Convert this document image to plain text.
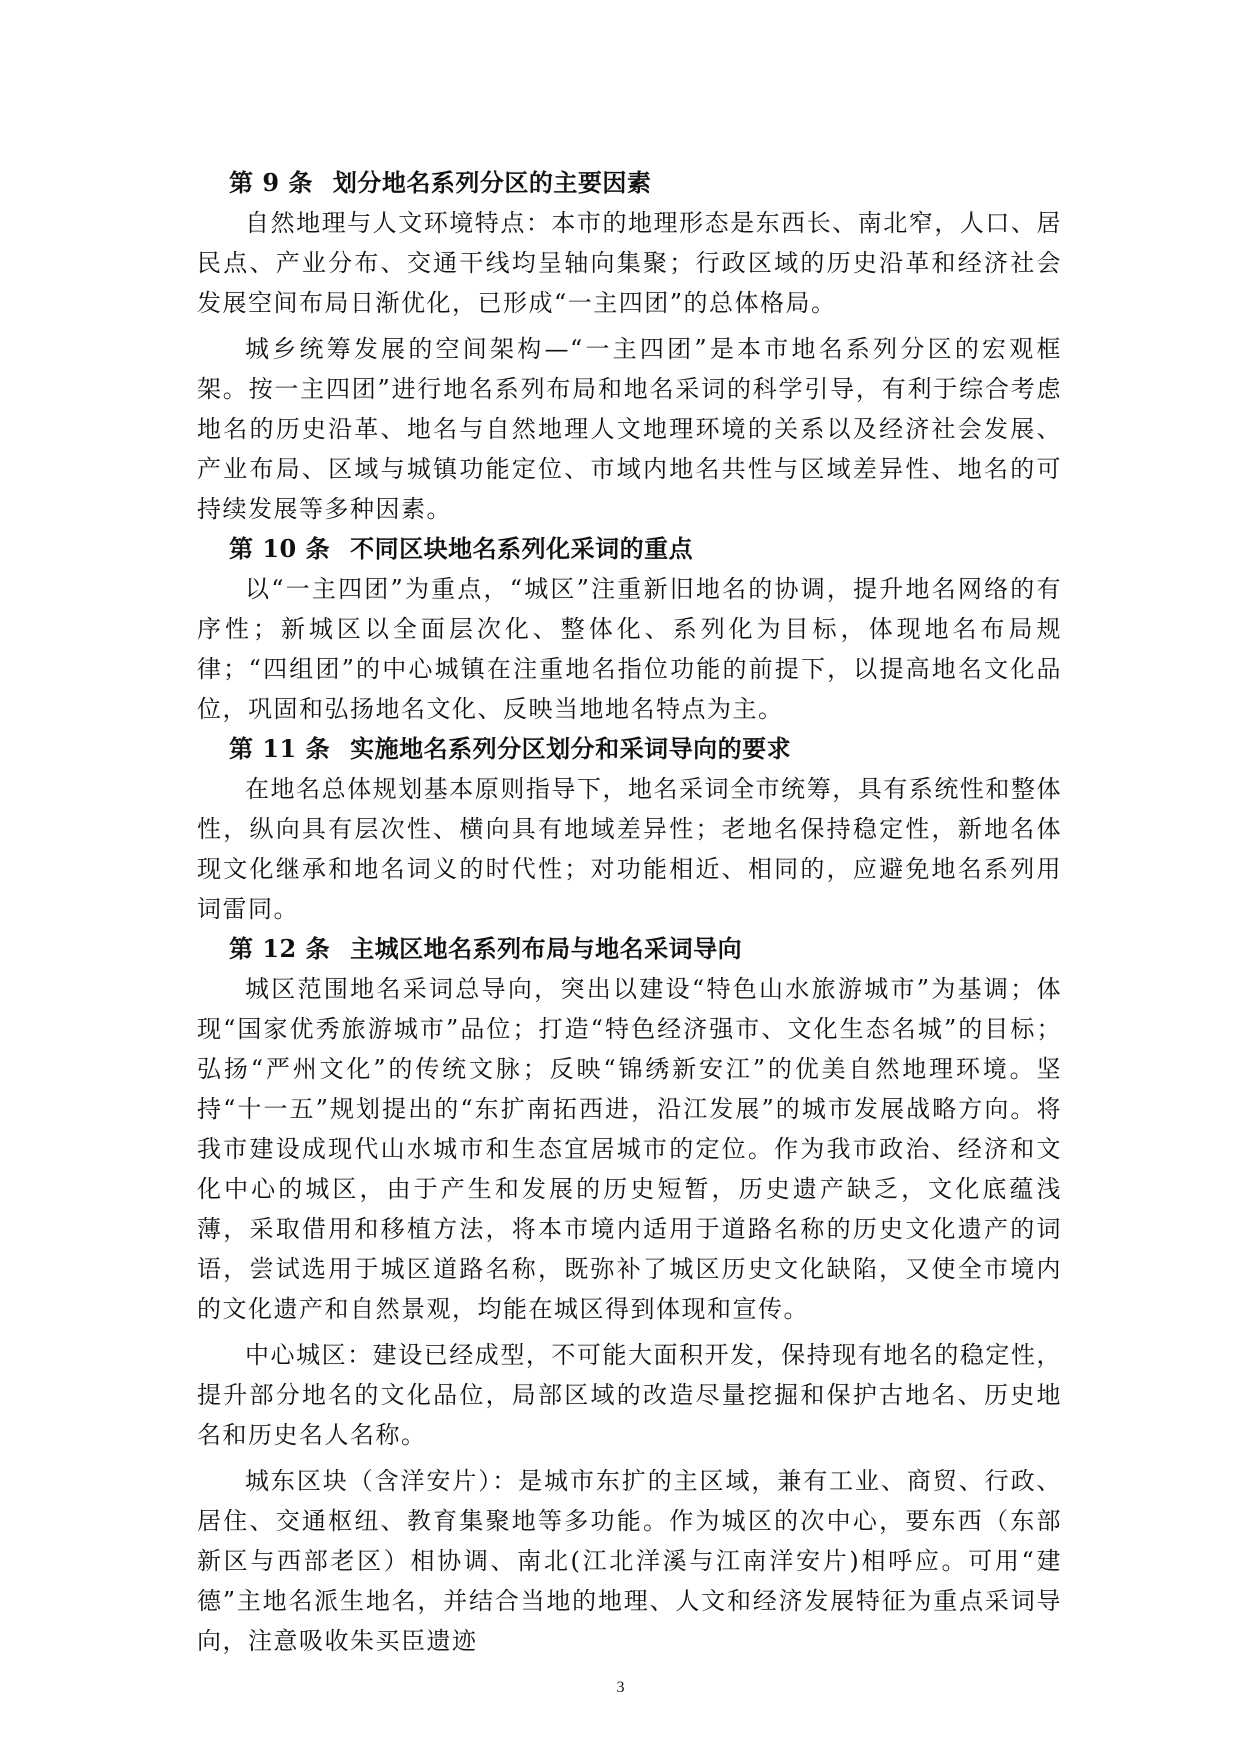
第 9 条 划分地名系列分区的主要因素

自然地理与人文环境特点：本市的地理形态是东西长、南北窄，人口、居民点、产业分布、交通干线均呈轴向集聚；行政区域的历史沿革和经济社会发展空间布局日渐优化，已形成“一主四团”的总体格局。

城乡统筹发展的空间架构—“一主四团”是本市地名系列分区的宏观框架。按一主四团”进行地名系列布局和地名采词的科学引导，有利于综合考虑地名的历史沿革、地名与自然地理人文地理环境的关系以及经济社会发展、产业布局、区域与城镇功能定位、市域内地名共性与区域差异性、地名的可持续发展等多种因素。

第 10 条 不同区块地名系列化采词的重点

以“一主四团”为重点，“城区”注重新旧地名的协调，提升地名网络的有序性；新城区以全面层次化、整体化、系列化为目标，体现地名布局规律；“四组团”的中心城镇在注重地名指位功能的前提下，以提高地名文化品位，巩固和弘扬地名文化、反映当地地名特点为主。

第 11 条 实施地名系列分区划分和采词导向的要求

在地名总体规划基本原则指导下，地名采词全市统筹，具有系统性和整体性，纵向具有层次性、横向具有地域差异性；老地名保持稳定性，新地名体现文化继承和地名词义的时代性；对功能相近、相同的，应避免地名系列用词雷同。

第 12 条 主城区地名系列布局与地名采词导向

城区范围地名采词总导向，突出以建设“特色山水旅游城市”为基调；体现“国家优秀旅游城市”品位；打造“特色经济强市、文化生态名城”的目标；弘扬“严州文化”的传统文脉；反映“锦绣新安江”的优美自然地理环境。坚持“十一五”规划提出的“东扩南拓西进，沿江发展”的城市发展战略方向。将我市建设成现代山水城市和生态宜居城市的定位。作为我市政治、经济和文化中心的城区，由于产生和发展的历史短暂，历史遗产缺乏，文化底蕴浅薄，采取借用和移植方法，将本市境内适用于道路名称的历史文化遗产的词语，尝试选用于城区道路名称，既弥补了城区历史文化缺陷，又使全市境内的文化遗产和自然景观，均能在城区得到体现和宣传。

中心城区：建设已经成型，不可能大面积开发，保持现有地名的稳定性，提升部分地名的文化品位，局部区域的改造尽量挖掘和保护古地名、历史地名和历史名人名称。

城东区块（含洋安片）：是城市东扩的主区域，兼有工业、商贸、行政、居住、交通枢纽、教育集聚地等多功能。作为城区的次中心，要东西（东部新区与西部老区）相协调、南北(江北洋溪与江南洋安片)相呼应。可用“建德”主地名派生地名，并结合当地的地理、人文和经济发展特征为重点采词导向，注意吸收朱买臣遗迹

3
